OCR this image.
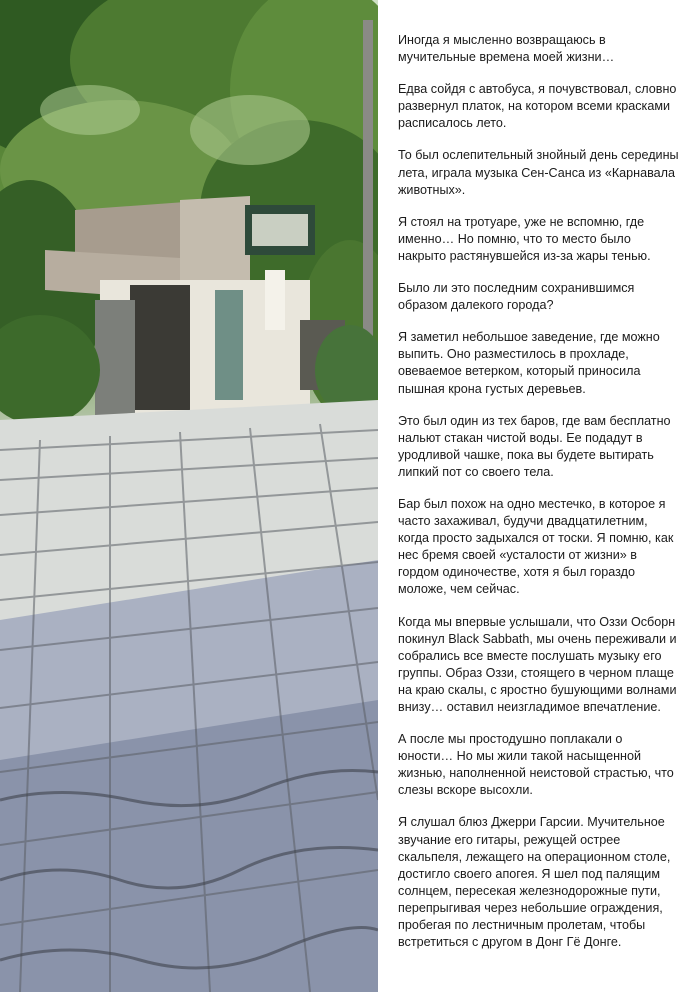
Иногда я мысленно возвращаюсь в мучительные времена моей жизни…

Едва сойдя с автобуса, я почувствовал, словно развернул платок, на котором всеми красками расписалось лето.

То был ослепительный знойный день середины лета, играла музыка Сен-Санса из «Карнавала животных».

Я стоял на тротуаре, уже не вспомню, где именно… Но помню, что то место было накрыто растянувшейся из-за жары тенью.

Было ли это последним сохранившимся образом далекого города?

Я заметил небольшое заведение, где можно выпить. Оно разместилось в прохладе, овеваемое ветерком, который приносила пышная крона густых деревьев.

Это был один из тех баров, где вам бесплатно нальют стакан чистой воды. Ее подадут в уродливой чашке, пока вы будете вытирать липкий пот со своего тела.

Бар был похож на одно местечко, в которое я часто захаживал, будучи двадцатилетним, когда просто задыхался от тоски. Я помню, как нес бремя своей «усталости от жизни» в гордом одиночестве, хотя я был гораздо моложе, чем сейчас.

Когда мы впервые услышали, что Оззи Осборн покинул Black Sabbath, мы очень переживали и собрались все вместе послушать музыку его группы. Образ Оззи, стоящего в черном плаще на краю скалы, с яростно бушующими волнами внизу… оставил неизгладимое впечатление.

А после мы простодушно поплакали о юности… Но мы жили такой насыщенной жизнью, наполненной неистовой страстью, что слезы вскоре высохли.

Я слушал блюз Джерри Гарсии. Мучительное звучание его гитары, режущей острее скальпеля, лежащего на операционном столе, достигло своего апогея. Я шел под палящим солнцем, пересекая железнодорожные пути, перепрыгивая через небольшие ограждения, пробегая по лестничным пролетам, чтобы встретиться с другом в Донг Гё Донге.
